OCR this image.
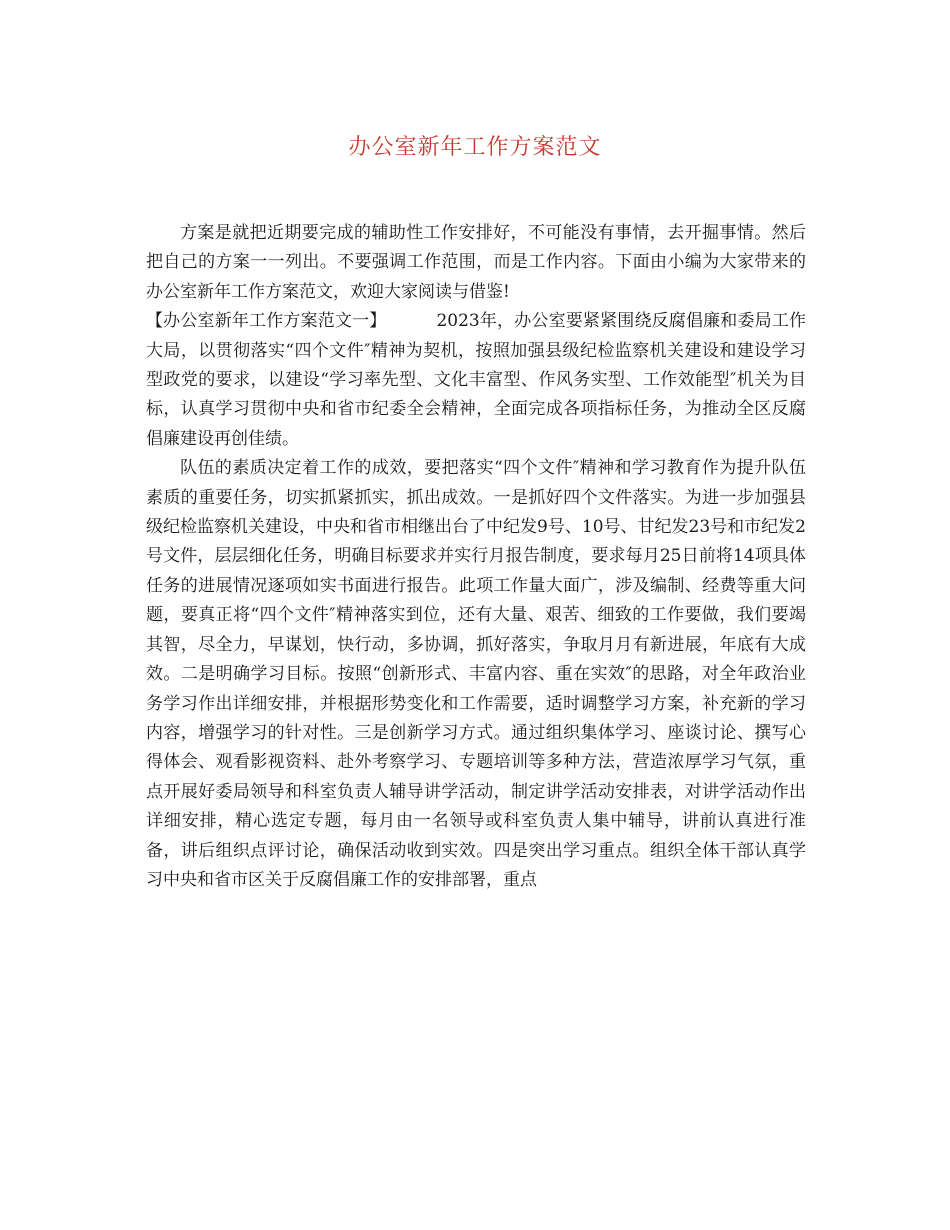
办公室新年工作方案范文

方案是就把近期要完成的辅助性工作安排好，不可能没有事情，去开掘事情。然后把自己的方案一一列出。不要强调工作范围，而是工作内容。下面由小编为大家带来的办公室新年工作方案范文，欢迎大家阅读与借鉴!

【办公室新年工作方案范文一】	2023年，办公室要紧紧围绕反腐倡廉和委局工作大局，以贯彻落实“四个文件″精神为契机，按照加强县级纪检监察机关建设和建设学习型政党的要求，以建设“学习率先型、文化丰富型、作风务实型、工作效能型″机关为目标，认真学习贯彻中央和省市纪委全会精神，全面完成各项指标任务，为推动全区反腐倡廉建设再创佳绩。

队伍的素质决定着工作的成效，要把落实“四个文件″精神和学习教育作为提升队伍素质的重要任务，切实抓紧抓实，抓出成效。一是抓好四个文件落实。为进一步加强县级纪检监察机关建设，中央和省市相继出台了中纪发9号、10号、甘纪发23号和市纪发2号文件，层层细化任务，明确目标要求并实行月报告制度，要求每月25日前将14项具体任务的进展情况逐项如实书面进行报告。此项工作量大面广，涉及编制、经费等重大问题，要真正将“四个文件″精神落实到位，还有大量、艰苦、细致的工作要做，我们要竭其智，尽全力，早谋划，快行动，多协调，抓好落实，争取月月有新进展，年底有大成效。二是明确学习目标。按照“创新形式、丰富内容、重在实效″的思路，对全年政治业务学习作出详细安排，并根据形势变化和工作需要，适时调整学习方案，补充新的学习内容，增强学习的针对性。三是创新学习方式。通过组织集体学习、座谈讨论、撰写心得体会、观看影视资料、赴外考察学习、专题培训等多种方法，营造浓厚学习气氛，重点开展好委局领导和科室负责人辅导讲学活动，制定讲学活动安排表，对讲学活动作出详细安排，精心选定专题，每月由一名领导或科室负责人集中辅导，讲前认真进行准备，讲后组织点评讨论，确保活动收到实效。四是突出学习重点。组织全体干部认真学习中央和省市区关于反腐倡廉工作的安排部署，重点
